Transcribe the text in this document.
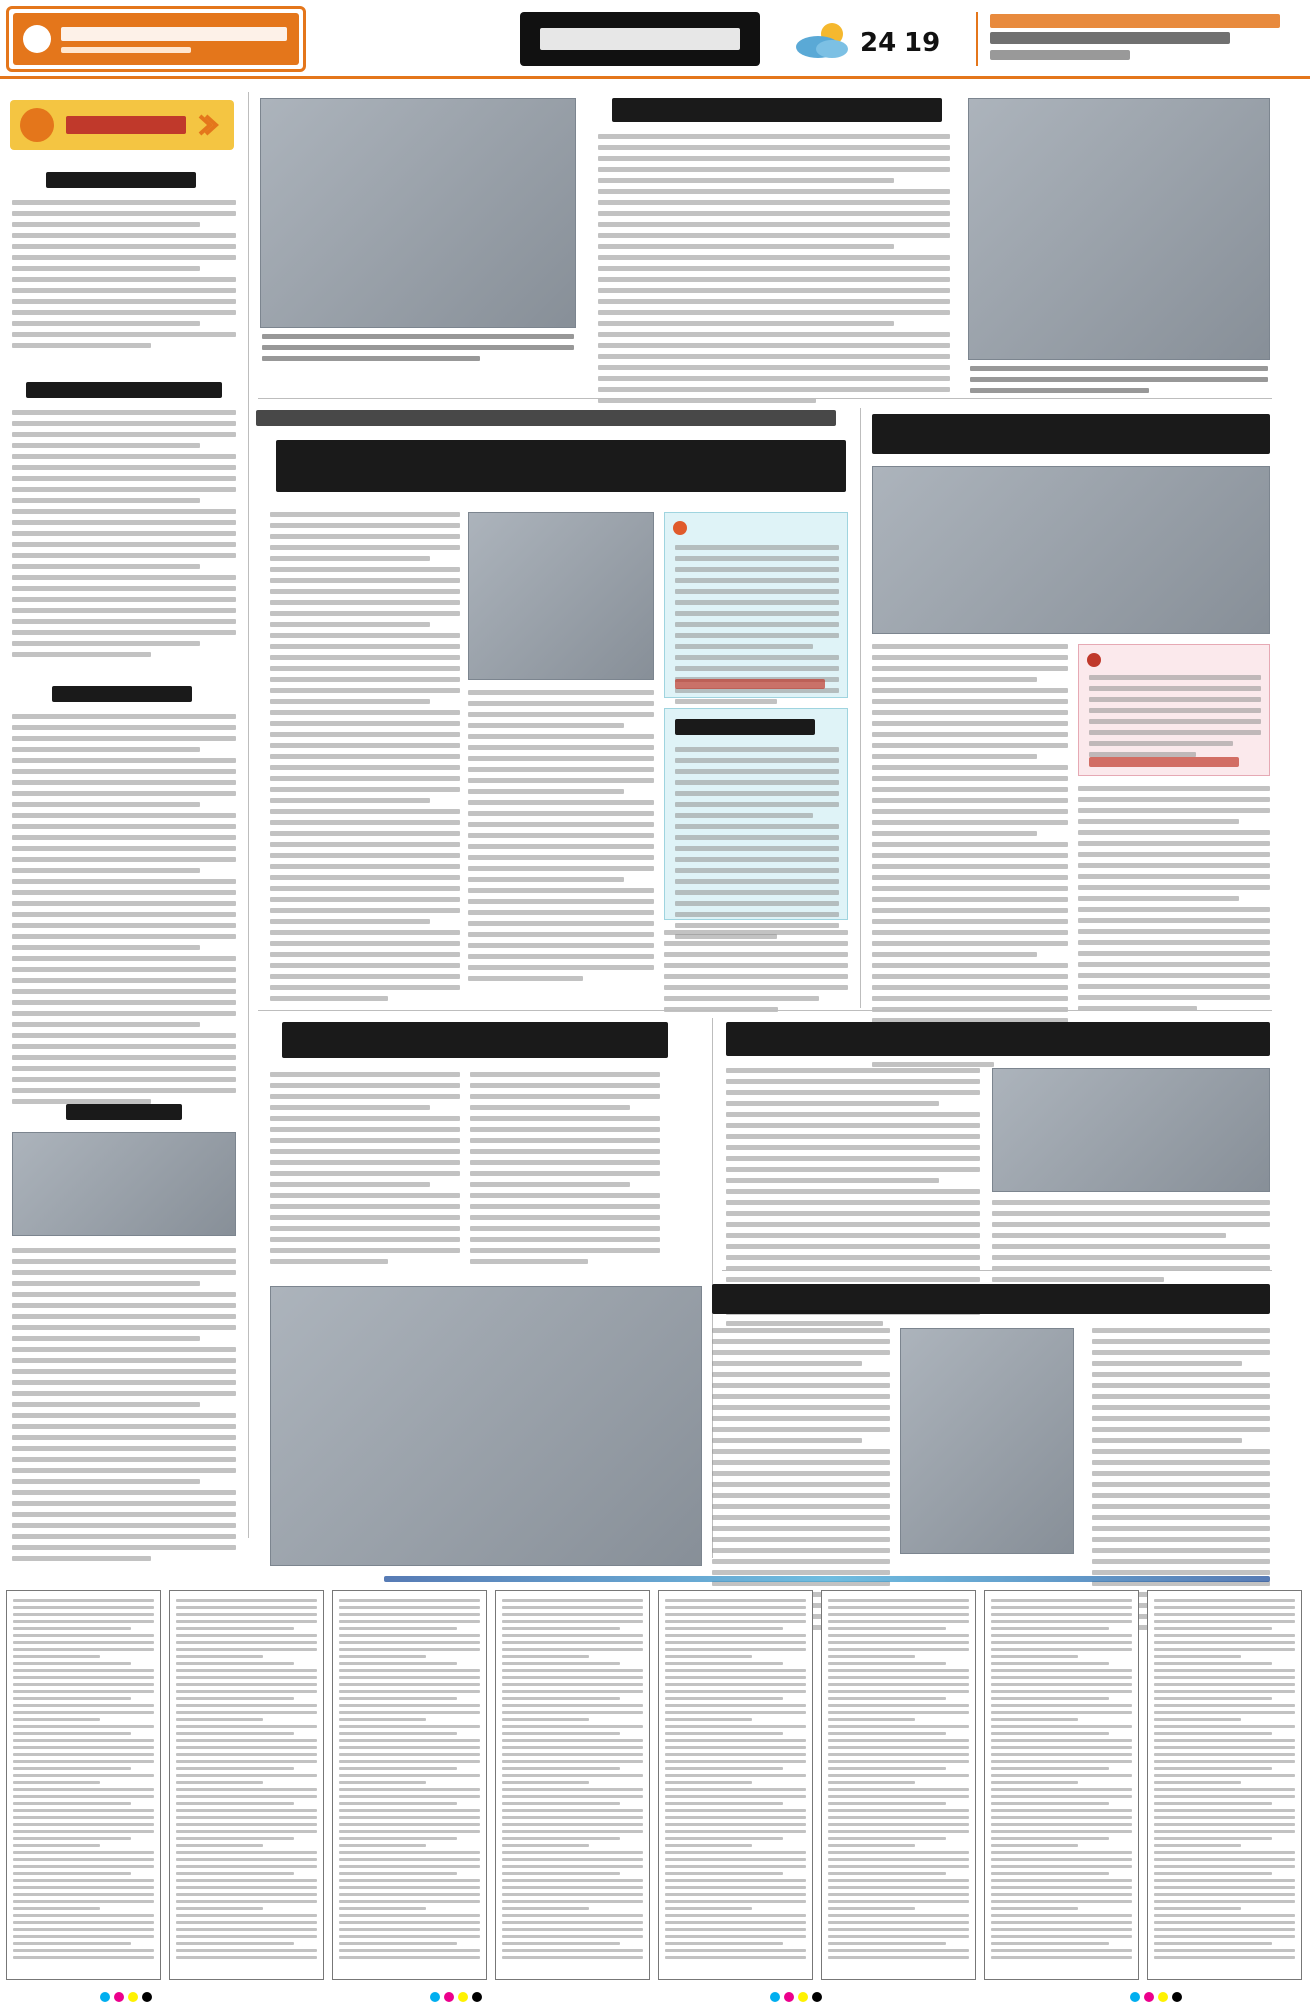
24 19
